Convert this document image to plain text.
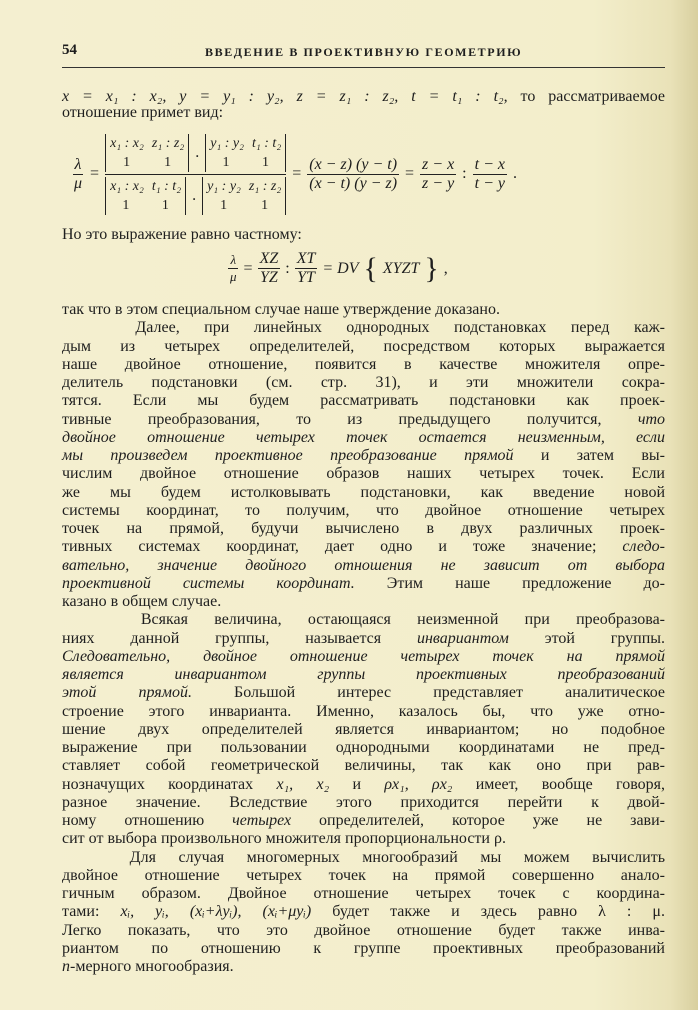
54	ВВЕДЕНИЕ В ПРОЕКТИВНУЮ ГЕОМЕТРИЮ
x = x₁ : x₂, y = y₁ : y₂, z = z₁ : z₂, t = t₁ : t₂, то рассматриваемое
отношение примет вид:
$\frac{\lambda}{\mu} = x_1$ : x₂ z₁ : z₂
1 1
.
y₁ : y₂ t₁ : t₂
1 1
x₁ : x₂ t₁ : t₂
1 1
.
y₁ : y₂ z₁ : z₂
1 $1 = \frac{(x - z) (y - t)}{(x - t) (y - z)} = \frac{z - x}{z - y}$ : $\frac{t - x}{t - y}$ .
Но это выражение равно частному:
$\frac{\lambda}{\mu} = \frac{XZ}{YZ}$ : $\frac{XT}{YT}$ = DV { XYZT } ,
так что в этом специальном случае наше утверждение доказано.
Далее, при линейных однородных подстановках перед каж-
дым из четырех определителей, посредством которых выражается
наше двойное отношение, появится в качестве множителя опре-
делитель подстановки (см. стр. 31), и эти множители сокра-
тятся. Если мы будем рассматривать подстановки как проек-
тивные преобразования, то из предыдущего получится, что
двойное отношение четырех точек остается неизменным, если
мы произведем проективное преобразование прямой и затем вы-
числим двойное отношение образов наших четырех точек. Если
же мы будем истолковывать подстановки, как введение новой
системы координат, то получим, что двойное отношение четырех
точек на прямой, будучи вычислено в двух различных проек-
тивных системах координат, дает одно и тоже значение; следо-
вательно, значение двойного отношения не зависит от выбора
проективной системы координат. Этим наше предложение до-
казано в общем случае.
Всякая величина, остающаяся неизменной при преобразова-
ниях данной группы, называется инвариантом этой группы.
Следовательно, двойное отношение четырех точек на прямой
является инвариантом группы проективных преобразований
этой прямой. Большой интерес представляет аналитическое
строение этого инварианта. Именно, казалось бы, что уже отно-
шение двух определителей является инвариантом; но подобное
выражение при пользовании однородными координатами не пред-
ставляет собой геометрической величины, так как оно при рав-
нозначущих координатах x₁, x₂ и ρx₁, ρx₂ имеет, вообще говоря,
разное значение. Вследствие этого приходится перейти к двой-
ному отношению четырех определителей, которое уже не зави-
сит от выбора произвольного множителя пропорциональности ρ.
Для случая многомерных многообразий мы можем вычислить
двойное отношение четырех точек на прямой совершенно анало-
гичным образом. Двойное отношение четырех точек с координа-
тами: xᵢ, yᵢ, (xᵢ+λyᵢ), (xᵢ+μyᵢ) будет также и здесь равно λ : μ.
Легко показать, что это двойное отношение будет также инва-
риантом по отношению к группе проективных преобразований
n-мерного многообразия.
